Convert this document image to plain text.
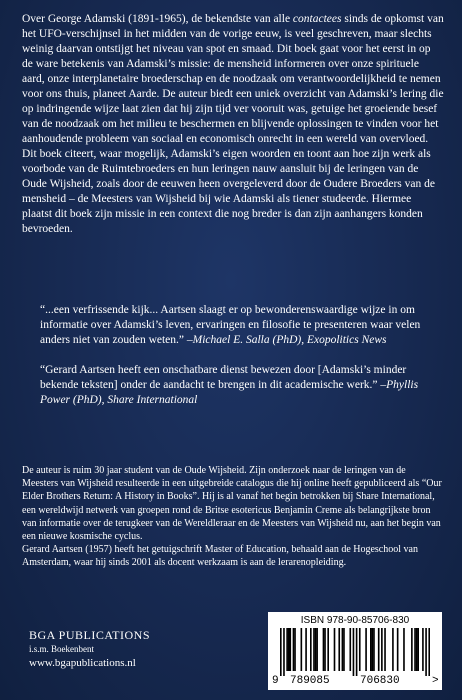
Over George Adamski (1891-1965), de bekendste van alle contactees sinds de opkomst van het UFO-verschijnsel in het midden van de vorige eeuw, is veel geschreven, maar slechts weinig daarvan ontstijgt het niveau van spot en smaad. Dit boek gaat voor het eerst in op de ware betekenis van Adamski’s missie: de mensheid informeren over onze spirituele aard, onze interplanetaire broederschap en de noodzaak om verantwoordelijkheid te nemen voor ons thuis, planeet Aarde. De auteur biedt een uniek overzicht van Adamski’s lering die op indringende wijze laat zien dat hij zijn tijd ver vooruit was, getuige het groeiende besef van de noodzaak om het milieu te beschermen en blijvende oplossingen te vinden voor het aanhoudende probleem van sociaal en economisch onrecht in een wereld van overvloed.

Dit boek citeert, waar mogelijk, Adamski’s eigen woorden en toont aan hoe zijn werk als voorbode van de Ruimtebroeders en hun leringen nauw aansluit bij de leringen van de Oude Wijsheid, zoals door de eeuwen heen overgeleverd door de Oudere Broeders van de mensheid – de Meesters van Wijsheid bij wie Adamski als tiener studeerde. Hiermee plaatst dit boek zijn missie in een context die nog breder is dan zijn aanhangers konden bevroeden.

“...een verfrissende kijk... Aartsen slaagt er op bewonderenswaardige wijze in om informatie over Adamski’s leven, ervaringen en filosofie te presenteren waar velen anders niet van zouden weten.” –Michael E. Salla (PhD), Exopolitics News

“Gerard Aartsen heeft een onschatbare dienst bewezen door [Adamski’s minder bekende teksten] onder de aandacht te brengen in dit academische werk.” –Phyllis Power (PhD), Share International

De auteur is ruim 30 jaar student van de Oude Wijsheid. Zijn onderzoek naar de leringen van de Meesters van Wijsheid resulteerde in een uitgebreide catalogus die hij online heeft gepubliceerd als “Our Elder Brothers Return: A History in Books”. Hij is al vanaf het begin betrokken bij Share International, een wereldwijd netwerk van groepen rond de Britse esotericus Benjamin Creme als belangrijkste bron van informatie over de terugkeer van de Wereldleraar en de Meesters van Wijsheid nu, aan het begin van een nieuwe kosmische cyclus.

Gerard Aartsen (1957) heeft het getuigschrift Master of Education, behaald aan de Hogeschool van Amsterdam, waar hij sinds 2001 als docent werkzaam is aan de lerarenopleiding.

BGA PUBLICATIONS
i.s.m. Boekenbent
www.bgapublications.nl
ISBN 978-90-85706-830
9 789085	706830	>
